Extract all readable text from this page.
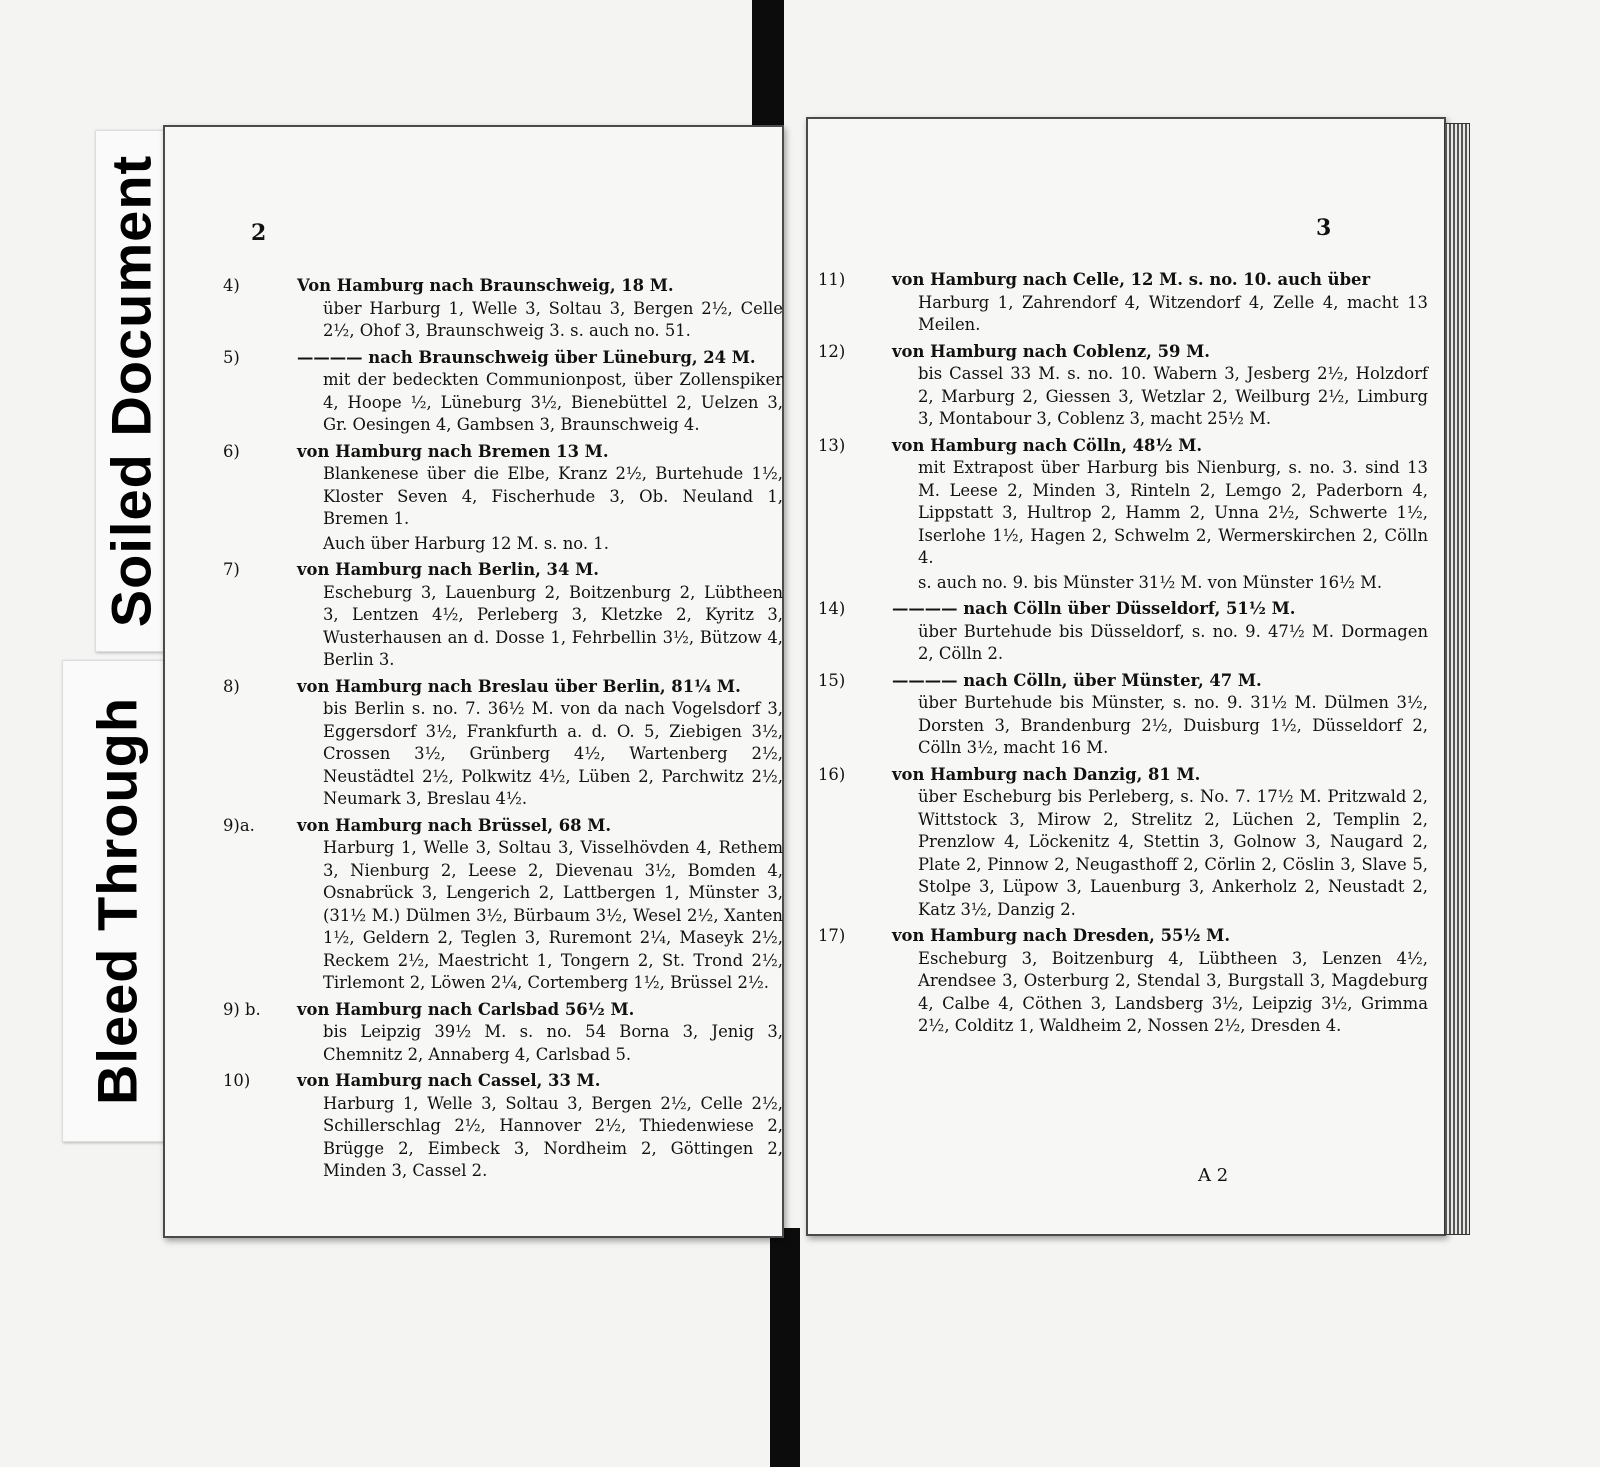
Soiled Document
Bleed Through
2
4)	Von Hamburg nach Braunschweig, 18 M.

über Harburg 1, Welle 3, Soltau 3, Bergen 2½, Celle 2½, Ohof 3, Braunschweig 3. s. auch no. 51.

5)	———— nach Braunschweig über Lüneburg, 24 M.

mit der bedeckten Communionpost, über Zollenspiker 4, Hoope ½, Lüneburg 3½, Bienebüttel 2, Uelzen 3, Gr. Oesingen 4, Gambsen 3, Braunschweig 4.

6)	von Hamburg nach Bremen 13 M.

Blankenese über die Elbe, Kranz 2½, Burtehude 1½, Kloster Seven 4, Fischerhude 3, Ob. Neuland 1, Bremen 1.

Auch über Harburg 12 M. s. no. 1.

7)	von Hamburg nach Berlin, 34 M.

Escheburg 3, Lauenburg 2, Boitzenburg 2, Lübtheen 3, Lentzen 4½, Perleberg 3, Kletzke 2, Kyritz 3, Wusterhausen an d. Dosse 1, Fehrbellin 3½, Bützow 4, Berlin 3.

8)	von Hamburg nach Breslau über Berlin, 81¼ M.

bis Berlin s. no. 7. 36½ M. von da nach Vogelsdorf 3, Eggersdorf 3½, Frankfurth a. d. O. 5, Ziebigen 3½, Crossen 3½, Grünberg 4½, Wartenberg 2½, Neustädtel 2½, Polkwitz 4½, Lüben 2, Parchwitz 2½, Neumark 3, Breslau 4½.

9)a.	von Hamburg nach Brüssel, 68 M.

Harburg 1, Welle 3, Soltau 3, Visselhövden 4, Rethem 3, Nienburg 2, Leese 2, Dievenau 3½, Bomden 4, Osnabrück 3, Lengerich 2, Lattbergen 1, Münster 3, (31½ M.) Dülmen 3½, Bürbaum 3½, Wesel 2½, Xanten 1½, Geldern 2, Teglen 3, Ruremont 2¼, Maseyk 2½, Reckem 2½, Maestricht 1, Tongern 2, St. Trond 2½, Tirlemont 2, Löwen 2¼, Cortemberg 1½, Brüssel 2½.

9) b. von Hamburg nach Carlsbad 56½ M.

bis Leipzig 39½ M. s. no. 54 Borna 3, Jenig 3, Chemnitz 2, Annaberg 4, Carlsbad 5.

10)	von Hamburg nach Cassel, 33 M.

Harburg 1, Welle 3, Soltau 3, Bergen 2½, Celle 2½, Schillerschlag 2½, Hannover 2½, Thiedenwiese 2, Brügge 2, Eimbeck 3, Nordheim 2, Göttingen 2, Minden 3, Cassel 2.

3
11)	von Hamburg nach Celle, 12 M. s. no. 10. auch über

Harburg 1, Zahrendorf 4, Witzendorf 4, Zelle 4, macht 13 Meilen.

12)	von Hamburg nach Coblenz, 59 M.

bis Cassel 33 M. s. no. 10. Wabern 3, Jesberg 2½, Holzdorf 2, Marburg 2, Giessen 3, Wetzlar 2, Weilburg 2½, Limburg 3, Montabour 3, Coblenz 3, macht 25½ M.

13)	von Hamburg nach Cölln, 48½ M.

mit Extrapost über Harburg bis Nienburg, s. no. 3. sind 13 M. Leese 2, Minden 3, Rinteln 2, Lemgo 2, Paderborn 4, Lippstatt 3, Hultrop 2, Hamm 2, Unna 2½, Schwerte 1½, Iserlohe 1½, Hagen 2, Schwelm 2, Wermerskirchen 2, Cölln 4.

s. auch no. 9. bis Münster 31½ M. von Münster 16½ M.

14)	———— nach Cölln über Düsseldorf, 51½ M.

über Burtehude bis Düsseldorf, s. no. 9. 47½ M. Dormagen 2, Cölln 2.

15)	———— nach Cölln, über Münster, 47 M.

über Burtehude bis Münster, s. no. 9. 31½ M. Dülmen 3½, Dorsten 3, Brandenburg 2½, Duisburg 1½, Düsseldorf 2, Cölln 3½, macht 16 M.

16)	von Hamburg nach Danzig, 81 M.

über Escheburg bis Perleberg, s. No. 7. 17½ M. Pritzwald 2, Wittstock 3, Mirow 2, Strelitz 2, Lüchen 2, Templin 2, Prenzlow 4, Löckenitz 4, Stettin 3, Golnow 3, Naugard 2, Plate 2, Pinnow 2, Neugasthoff 2, Cörlin 2, Cöslin 3, Slave 5, Stolpe 3, Lüpow 3, Lauenburg 3, Ankerholz 2, Neustadt 2, Katz 3½, Danzig 2.

17)	von Hamburg nach Dresden, 55½ M.

Escheburg 3, Boitzenburg 4, Lübtheen 3, Lenzen 4½, Arendsee 3, Osterburg 2, Stendal 3, Burgstall 3, Magdeburg 4, Calbe 4, Cöthen 3, Landsberg 3½, Leipzig 3½, Grimma 2½, Colditz 1, Waldheim 2, Nossen 2½, Dresden 4.

A 2
